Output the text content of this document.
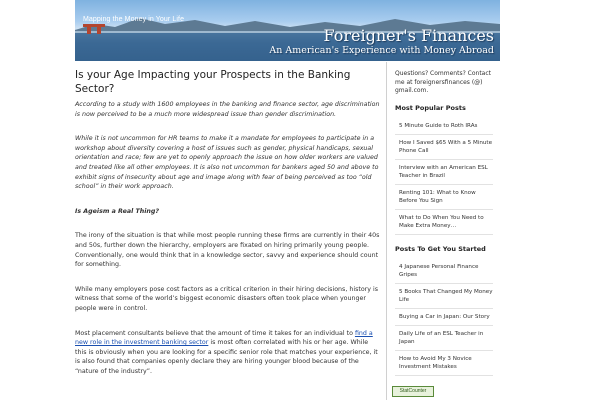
Mapping the Money in Your Life
Foreigner's Finances
An American's Experience with Money Abroad
Is your Age Impacting your Prospects in the Banking Sector?

According to a study with 1600 employees in the banking and finance sector, age discrimination is now perceived to be a much more widespread issue than gender discrimination.

While it is not uncommon for HR teams to make it a mandate for employees to participate in a workshop about diversity covering a host of issues such as gender, physical handicaps, sexual orientation and race; few are yet to openly approach the issue on how older workers are valued and treated like all other employees. It is also not uncommon for bankers aged 50 and above to exhibit signs of insecurity about age and image along with fear of being perceived as too “old school” in their work approach.

Is Ageism a Real Thing?

The irony of the situation is that while most people running these firms are currently in their 40s and 50s, further down the hierarchy, employers are fixated on hiring primarily young people. Conventionally, one would think that in a knowledge sector, savvy and experience should count for something.

While many employers pose cost factors as a critical criterion in their hiring decisions, history is witness that some of the world’s biggest economic disasters often took place when younger people were in control.

Most placement consultants believe that the amount of time it takes for an individual to find a new role in the investment banking sector is most often correlated with his or her age. While this is obviously when you are looking for a specific senior role that matches your experience, it is also found that companies openly declare they are hiring younger blood because of the “nature of the industry”.

Questions? Comments? Contact me at foreignersfinances (@) gmail.com.

Most Popular Posts

5 Minute Guide to Roth IRAs
How I Saved $65 With a 5 Minute Phone Call
Interview with an American ESL Teacher in Brazil
Renting 101: What to Know Before You Sign
What to Do When You Need to Make Extra Money…

Posts To Get You Started

4 Japanese Personal Finance Gripes
5 Books That Changed My Money Life
Buying a Car in Japan: Our Story
Daily Life of an ESL Teacher in Japan
How to Avoid My 3 Novice Investment Mistakes
StatCounter
